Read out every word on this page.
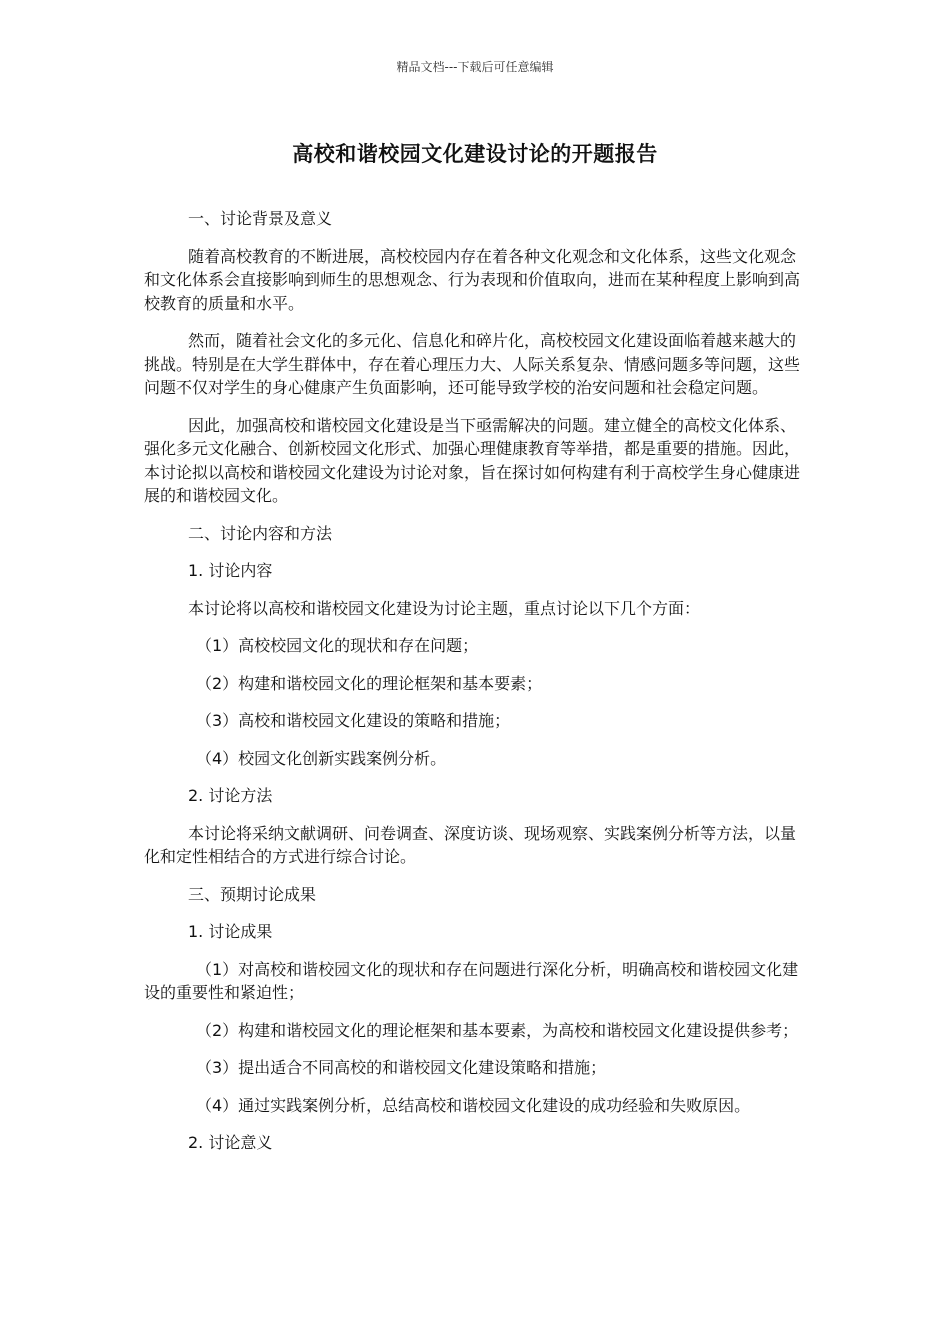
精品文档---下载后可任意编辑
高校和谐校园文化建设讨论的开题报告

一、讨论背景及意义

随着高校教育的不断进展，高校校园内存在着各种文化观念和文化体系，这些文化观念和文化体系会直接影响到师生的思想观念、行为表现和价值取向，进而在某种程度上影响到高校教育的质量和水平。

然而，随着社会文化的多元化、信息化和碎片化，高校校园文化建设面临着越来越大的挑战。特别是在大学生群体中，存在着心理压力大、人际关系复杂、情感问题多等问题，这些问题不仅对学生的身心健康产生负面影响，还可能导致学校的治安问题和社会稳定问题。

因此，加强高校和谐校园文化建设是当下亟需解决的问题。建立健全的高校文化体系、强化多元文化融合、创新校园文化形式、加强心理健康教育等举措，都是重要的措施。因此，本讨论拟以高校和谐校园文化建设为讨论对象，旨在探讨如何构建有利于高校学生身心健康进展的和谐校园文化。

二、讨论内容和方法

1. 讨论内容

本讨论将以高校和谐校园文化建设为讨论主题，重点讨论以下几个方面：

（1）高校校园文化的现状和存在问题；

（2）构建和谐校园文化的理论框架和基本要素；

（3）高校和谐校园文化建设的策略和措施；

（4）校园文化创新实践案例分析。

2. 讨论方法

本讨论将采纳文献调研、问卷调查、深度访谈、现场观察、实践案例分析等方法，以量化和定性相结合的方式进行综合讨论。

三、预期讨论成果

1. 讨论成果

（1）对高校和谐校园文化的现状和存在问题进行深化分析，明确高校和谐校园文化建设的重要性和紧迫性；

（2）构建和谐校园文化的理论框架和基本要素，为高校和谐校园文化建设提供参考；

（3）提出适合不同高校的和谐校园文化建设策略和措施；

（4）通过实践案例分析，总结高校和谐校园文化建设的成功经验和失败原因。

2. 讨论意义
